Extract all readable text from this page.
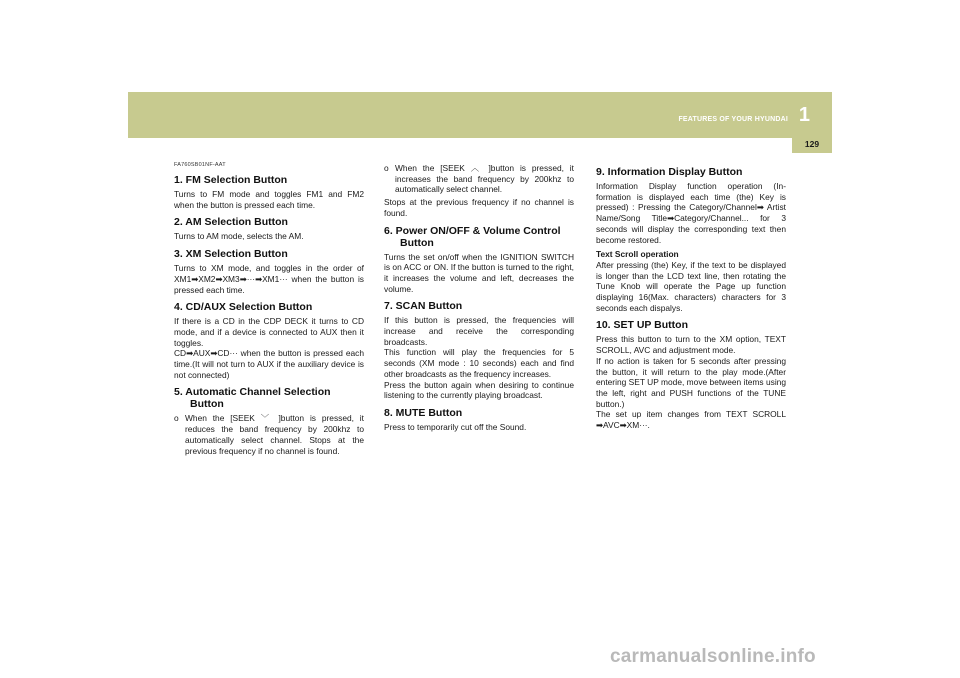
FEATURES OF YOUR HYUNDAI 1
129
FA760SB01NF-AAT
1. FM Selection Button

Turns to FM mode and toggles FM1 and FM2 when the button is pressed each time.

2. AM Selection Button

Turns to AM mode, selects the AM.

3. XM Selection Button

Turns to XM mode, and toggles in the order of XM1➡XM2➡XM3➡···➡XM1··· when the button is pressed each time.

4. CD/AUX Selection Button

If there is a CD in the CDP DECK it turns to CD mode, and if a device is connected to AUX then it toggles.
CD➡AUX➡CD··· when the button is pressed each time.(It will not turn to AUX if the auxiliary device is not connected)

5. Automatic Channel Selection
Button
o When the [SEEK ﹀ ]button is pressed, it reduces the band frequency by 200khz to automatically select channel. Stops at the previous frequency if no channel is found.
o When the [SEEK ︿ ]button is pressed, it increases the band frequency by 200khz to automatically select channel.

Stops at the previous frequency if no channel is found.

6. Power ON/OFF & Volume Control
Button

Turns the set on/off when the IGNITION SWITCH is on ACC or ON. If the button is turned to the right, it increases the volume and left, decreases the volume.

7. SCAN Button

If this button is pressed, the frequencies will increase and receive the corresponding broadcasts.
This function will play the frequencies for 5 seconds (XM mode : 10 seconds) each and find other broadcasts as the frequency increases.
Press the button again when desiring to continue listening to the currently playing broadcast.

8. MUTE Button

Press to temporarily cut off the Sound.

9. Information Display Button

Information Display function operation (In-formation is displayed each time (the) Key is pressed) : Pressing the Category/Channel➡ Artist Name/Song Title➡Category/Channel... for 3 seconds will display the corresponding text then become restored.

Text Scroll operation

After pressing (the) Key, if the text to be displayed is longer than the LCD text line, then rotating the Tune Knob will operate the Page up function displaying 16(Max. characters) characters for 3 seconds each dispalys.

10. SET UP Button

Press this button to turn to the XM option, TEXT SCROLL, AVC and adjustment mode.
If no action is taken for 5 seconds after pressing the button, it will return to the play mode.(After entering SET UP mode, move between items using the left, right and PUSH functions of the TUNE button.)
The set up item changes from TEXT SCROLL ➡AVC➡XM···.

carmanualsonline.info
